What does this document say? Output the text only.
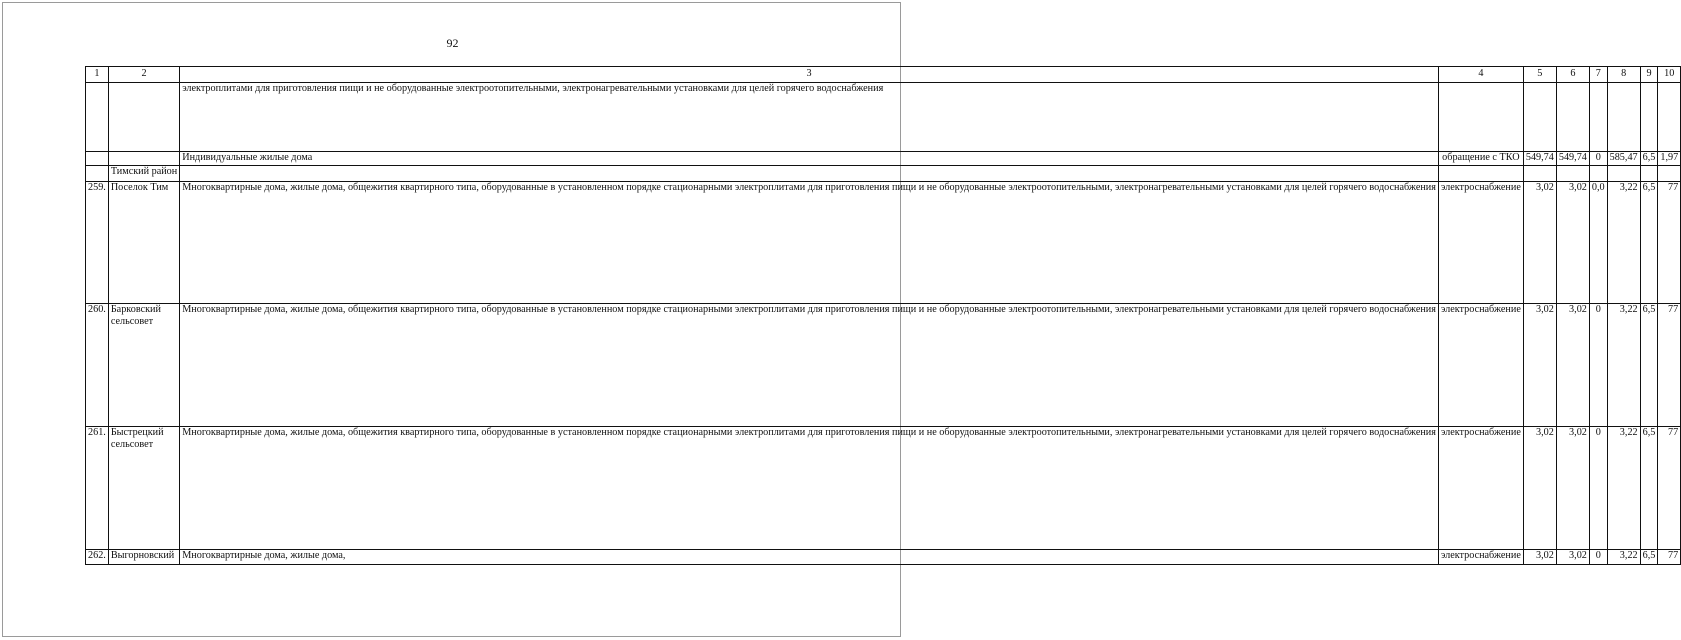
92
1	2	3	4	5	6	7	8	9	10
		электроплитами для приготовления пищи и не оборудованные электроотопительными, электронагревательными установками для целей горячего водоснабжения							
		Индивидуальные жилые дома	обращение с ТКО	549,74	549,74	0	585,47	6,5	1,97
	Тимский район								
259.	Поселок Тим	Многоквартирные дома, жилые дома, общежития квартирного типа, оборудованные в установленном порядке стационарными электроплитами для приготовления пищи и не оборудованные электроотопительными, электронагревательными установками для целей горячего водоснабжения	электроснабжение	3,02	3,02	0,0	3,22	6,5	77
260.	Барковский
сельсовет	Многоквартирные дома, жилые дома, общежития квартирного типа, оборудованные в установленном порядке стационарными электроплитами для приготовления пищи и не оборудованные электроотопительными, электронагревательными установками для целей горячего водоснабжения	электроснабжение	3,02	3,02	0	3,22	6,5	77
261.	Быстрецкий
сельсовет	Многоквартирные дома, жилые дома, общежития квартирного типа, оборудованные в установленном порядке стационарными электроплитами для приготовления пищи и не оборудованные электроотопительными, электронагревательными установками для целей горячего водоснабжения	электроснабжение	3,02	3,02	0	3,22	6,5	77
262.	Выгорновский	Многоквартирные дома, жилые дома,	электроснабжение	3,02	3,02	0	3,22	6,5	77
